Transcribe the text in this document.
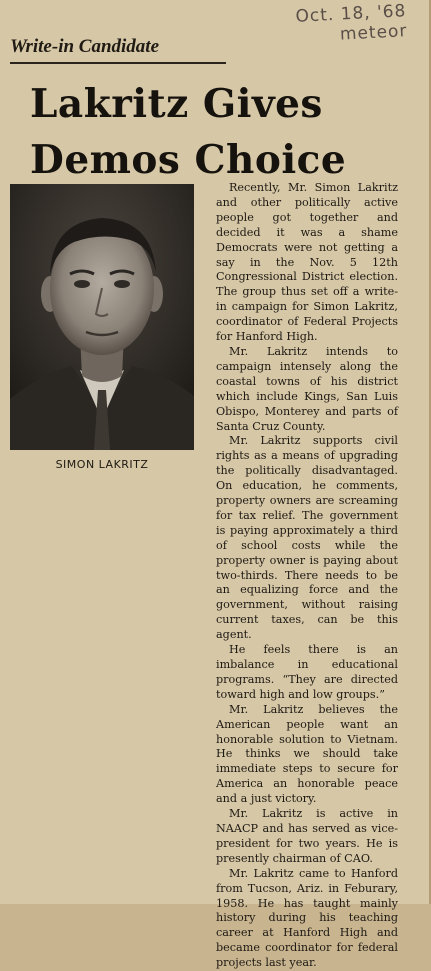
Oct. 18, '68
meteor
Write-in Candidate
Lakritz Gives
Demos Choice
SIMON LAKRITZ

Recently, Mr. Simon Lakritz and other politically active people got together and decided it was a shame Democrats were not getting a say in the Nov. 5 12th Congressional District election. The group thus set off a write-in campaign for Simon Lakritz, coordinator of Federal Projects for Hanford High.

Mr. Lakritz intends to campaign intensely along the coastal towns of his district which include Kings, San Luis Obispo, Monterey and parts of Santa Cruz County.

Mr. Lakritz supports civil rights as a means of upgrading the politically disadvantaged. On education, he comments, property owners are screaming for tax relief. The government is paying approximately a third of school costs while the property owner is paying about two-thirds. There needs to be an equalizing force and the government, without raising current taxes, can be this agent.

He feels there is an imbalance in educational programs. “They are directed toward high and low groups.”

Mr. Lakritz believes the American people want an honorable solution to Vietnam. He thinks we should take immediate steps to secure for America an honorable peace and a just victory.

Mr. Lakritz is active in NAACP and has served as vice-president for two years. He is presently chairman of CAO.

Mr. Lakritz came to Hanford from Tucson, Ariz. in Feburary, 1958. He has taught mainly history during his teaching career at Hanford High and became coordinator for federal projects last year.
